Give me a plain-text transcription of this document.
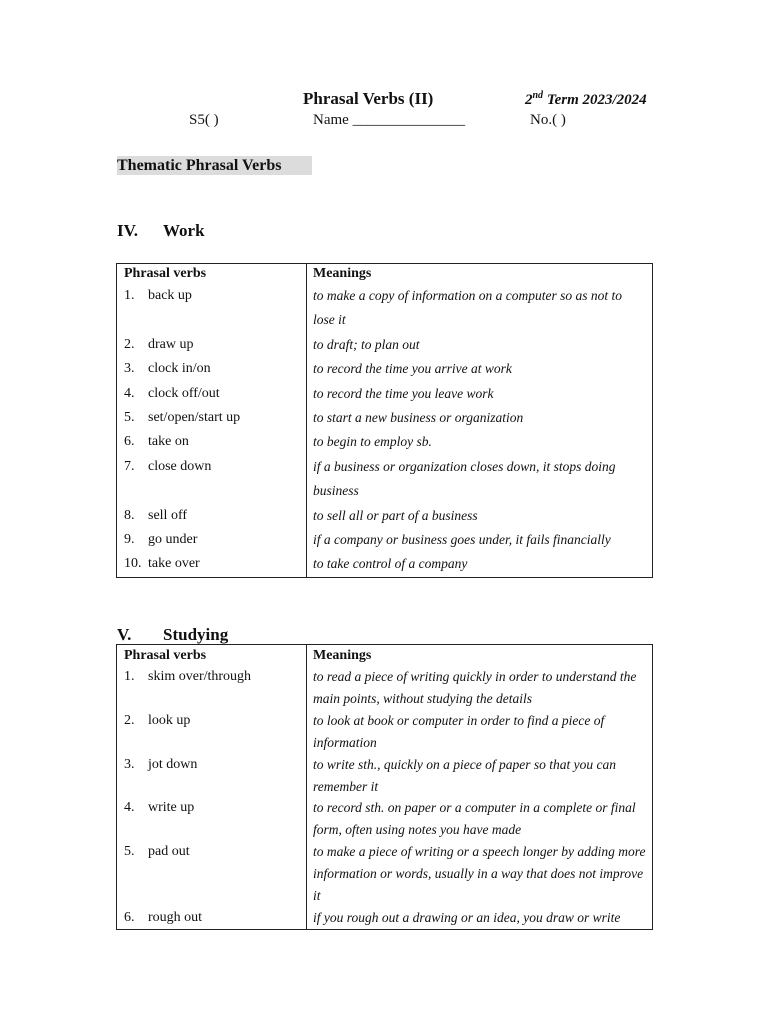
Phrasal Verbs (II)	2nd Term 2023/2024
S5( )	Name _______________	No.( )
Thematic Phrasal Verbs
IV. Work
Phrasal verbs	Meanings
1. back up	to make a copy of information on a computer so as not to lose it
2. draw up	to draft; to plan out
3. clock in/on	to record the time you arrive at work
4. clock off/out	to record the time you leave work
5. set/open/start up	to start a new business or organization
6. take on	to begin to employ sb.
7. close down	if a business or organization closes down, it stops doing business
8. sell off	to sell all or part of a business
9. go under	if a company or business goes under, it fails financially
10. take over	to take control of a company
V. Studying
Phrasal verbs	Meanings
1. skim over/through	to read a piece of writing quickly in order to understand the main points, without studying the details
2. look up	to look at book or computer in order to find a piece of information
3. jot down	to write sth., quickly on a piece of paper so that you can remember it
4. write up	to record sth. on paper or a computer in a complete or final form, often using notes you have made
5. pad out	to make a piece of writing or a speech longer by adding more information or words, usually in a way that does not improve it
6. rough out	if you rough out a drawing or an idea, you draw or write
